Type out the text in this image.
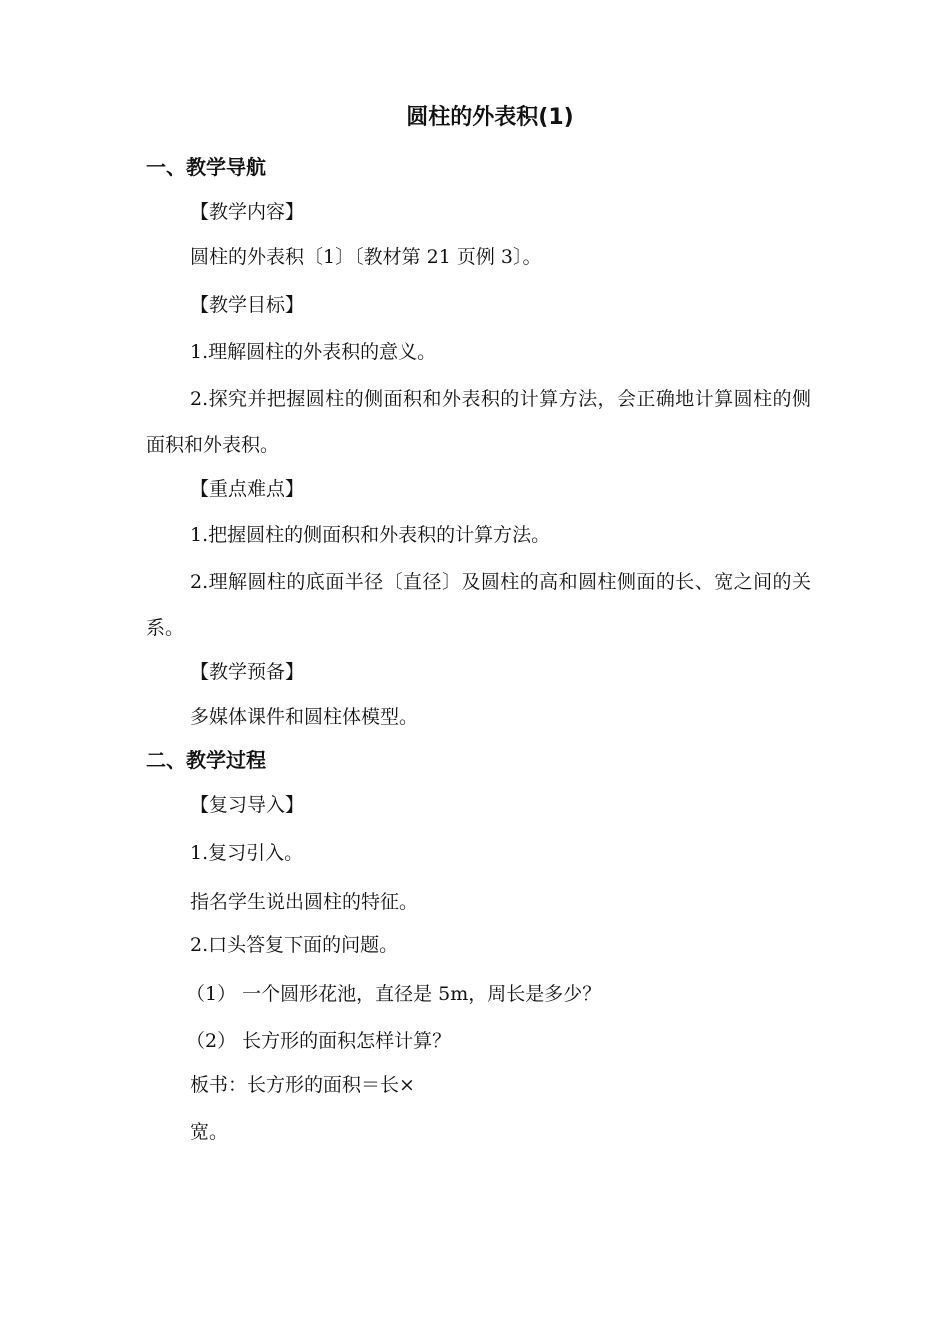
圆柱的外表积(1)
一、教学导航
【教学内容】
圆柱的外表积〔1〕〔教材第 21 页例 3〕。
【教学目标】
1.理解圆柱的外表积的意义。
2.探究并把握圆柱的侧面积和外表积的计算方法，会正确地计算圆柱的侧面积和外表积。
【重点难点】
1.把握圆柱的侧面积和外表积的计算方法。
2.理解圆柱的底面半径〔直径〕及圆柱的高和圆柱侧面的长、宽之间的关系。
【教学预备】
多媒体课件和圆柱体模型。
二、教学过程
【复习导入】
1.复习引入。
指名学生说出圆柱的特征。
2.口头答复下面的问题。
（1） 一个圆形花池，直径是 5m，周长是多少？
（2） 长方形的面积怎样计算？
板书：长方形的面积＝长×
宽。
